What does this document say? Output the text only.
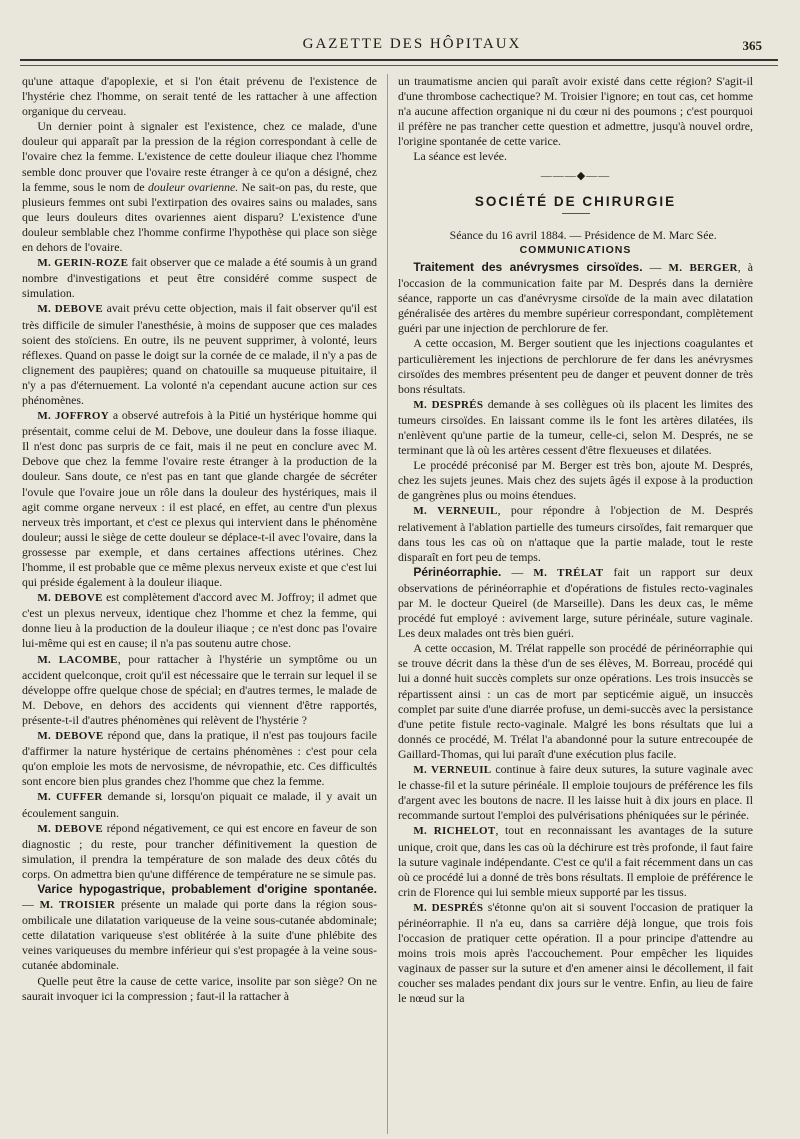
GAZETTE DES HÔPITAUX	365

qu'une attaque d'apoplexie, et si l'on était prévenu de l'existence de l'hystérie chez l'homme, on serait tenté de les rattacher à une affection organique du cerveau.

Un dernier point à signaler est l'existence, chez ce malade, d'une douleur qui apparaît par la pression de la région correspondant à celle de l'ovaire chez la femme. L'existence de cette douleur iliaque chez l'homme semble donc prouver que l'ovaire reste étranger à ce qu'on a désigné, chez la femme, sous le nom de douleur ovarienne. Ne sait-on pas, du reste, que plusieurs femmes ont subi l'extirpation des ovaires sains ou malades, sans que leurs douleurs dites ovariennes aient disparu? L'existence d'une douleur semblable chez l'homme confirme l'hypothèse qui place son siège en dehors de l'ovaire.

M. GERIN-ROZE fait observer que ce malade a été soumis à un grand nombre d'investigations et peut être considéré comme suspect de simulation.

M. DEBOVE avait prévu cette objection, mais il fait observer qu'il est très difficile de simuler l'anesthésie, à moins de supposer que ces malades soient des stoïciens. En outre, ils ne peuvent supprimer, à volonté, leurs réflexes. Quand on passe le doigt sur la cornée de ce malade, il n'y a pas de clignement des paupières; quand on chatouille sa muqueuse pituitaire, il n'y a pas d'éternuement. La volonté n'a cependant aucune action sur ces phénomènes.

M. JOFFROY a observé autrefois à la Pitié un hystérique homme qui présentait, comme celui de M. Debove, une douleur dans la fosse iliaque. Il n'est donc pas surpris de ce fait, mais il ne peut en conclure avec M. Debove que chez la femme l'ovaire reste étranger à la production de la douleur. Sans doute, ce n'est pas en tant que glande chargée de sécréter l'ovule que l'ovaire joue un rôle dans la douleur des hystériques, mais il agit comme organe nerveux : il est placé, en effet, au centre d'un plexus nerveux très important, et c'est ce plexus qui intervient dans le phénomène douleur; aussi le siège de cette douleur se déplace-t-il avec l'ovaire, dans la grossesse par exemple, et dans certaines affections utérines. Chez l'homme, il est probable que ce même plexus nerveux existe et que c'est lui qui préside également à la douleur iliaque.

M. DEBOVE est complètement d'accord avec M. Joffroy; il admet que c'est un plexus nerveux, identique chez l'homme et chez la femme, qui donne lieu à la production de la douleur iliaque ; ce n'est donc pas l'ovaire lui-même qui est en cause; il n'a pas soutenu autre chose.

M. LACOMBE, pour rattacher à l'hystérie un symptôme ou un accident quelconque, croit qu'il est nécessaire que le terrain sur lequel il se développe offre quelque chose de spécial; en d'autres termes, le malade de M. Debove, en dehors des accidents qui viennent d'être rapportés, présente-t-il d'autres phénomènes qui relèvent de l'hystérie ?

M. DEBOVE répond que, dans la pratique, il n'est pas toujours facile d'affirmer la nature hystérique de certains phénomènes : c'est pour cela qu'on emploie les mots de nervosisme, de névropathie, etc. Ces difficultés sont encore bien plus grandes chez l'homme que chez la femme.

M. CUFFER demande si, lorsqu'on piquait ce malade, il y avait un écoulement sanguin.

M. DEBOVE répond négativement, ce qui est encore en faveur de son diagnostic ; du reste, pour trancher définitivement la question de simulation, il prendra la température de son malade des deux côtés du corps. On admettra bien qu'une différence de température ne se simule pas.

Varice hypogastrique, probablement d'origine spontanée. — M. TROISIER présente un malade qui porte dans la région sous-ombilicale une dilatation variqueuse de la veine sous-cutanée abdominale; cette dilatation variqueuse s'est oblitérée à la suite d'une phlébite des veines variqueuses du membre inférieur qui s'est propagée à la veine sous-cutanée abdominale.

Quelle peut être la cause de cette varice, insolite par son siège? On ne saurait invoquer ici la compression ; faut-il la rattacher à

un traumatisme ancien qui paraît avoir existé dans cette région? S'agit-il d'une thrombose cachectique? M. Troisier l'ignore; en tout cas, cet homme n'a aucune affection organique ni du cœur ni des poumons ; c'est pourquoi il préfère ne pas trancher cette question et admettre, jusqu'à nouvel ordre, l'origine spontanée de cette varice.

La séance est levée.

———◆——
SOCIÉTÉ DE CHIRURGIE

Séance du 16 avril 1884. — Présidence de M. Marc Sée.

COMMUNICATIONS

Traitement des anévrysmes cirsoïdes. — M. BERGER, à l'occasion de la communication faite par M. Després dans la dernière séance, rapporte un cas d'anévrysme cirsoïde de la main avec dilatation généralisée des artères du membre supérieur correspondant, complètement guéri par une injection de perchlorure de fer.

A cette occasion, M. Berger soutient que les injections coagulantes et particulièrement les injections de perchlorure de fer dans les anévrysmes cirsoïdes des membres présentent peu de danger et peuvent donner de très bons résultats.

M. DESPRÉS demande à ses collègues où ils placent les limites des tumeurs cirsoïdes. En laissant comme ils le font les artères dilatées, ils n'enlèvent qu'une partie de la tumeur, celle-ci, selon M. Després, ne se terminant que là où les artères cessent d'être flexueuses et dilatées.

Le procédé préconisé par M. Berger est très bon, ajoute M. Després, chez les sujets jeunes. Mais chez des sujets âgés il expose à la production de gangrènes plus ou moins étendues.

M. VERNEUIL, pour répondre à l'objection de M. Després relativement à l'ablation partielle des tumeurs cirsoïdes, fait remarquer que dans tous les cas où on n'attaque que la partie malade, tout le reste disparaît en fort peu de temps.

Périnéorraphie. — M. TRÉLAT fait un rapport sur deux observations de périnéorraphie et d'opérations de fistules recto-vaginales par M. le docteur Queirel (de Marseille). Dans les deux cas, le même procédé fut employé : avivement large, suture périnéale, suture vaginale. Les deux malades ont très bien guéri.

A cette occasion, M. Trélat rappelle son procédé de périnéorraphie qui se trouve décrit dans la thèse d'un de ses élèves, M. Borreau, procédé qui lui a donné huit succès complets sur onze opérations. Les trois insuccès se répartissent ainsi : un cas de mort par septicémie aiguë, un insuccès complet par suite d'une diarrée profuse, un demi-succès avec la persistance d'une petite fistule recto-vaginale. Malgré les bons résultats que lui a donnés ce procédé, M. Trélat l'a abandonné pour la suture entrecoupée de Gaillard-Thomas, qui lui paraît d'une exécution plus facile.

M. VERNEUIL continue à faire deux sutures, la suture vaginale avec le chasse-fil et la suture périnéale. Il emploie toujours de préférence les fils d'argent avec les boutons de nacre. Il les laisse huit à dix jours en place. Il recommande surtout l'emploi des pulvérisations phéniquées sur le périnée.

M. RICHELOT, tout en reconnaissant les avantages de la suture unique, croit que, dans les cas où la déchirure est très profonde, il faut faire la suture vaginale indépendante. C'est ce qu'il a fait récemment dans un cas où ce procédé lui a donné de très bons résultats. Il emploie de préférence le crin de Florence qui lui semble mieux supporté par les tissus.

M. DESPRÉS s'étonne qu'on ait si souvent l'occasion de pratiquer la périnéorraphie. Il n'a eu, dans sa carrière déjà longue, que trois fois l'occasion de pratiquer cette opération. Il a pour principe d'attendre au moins trois mois après l'accouchement. Pour empêcher les liquides vaginaux de passer sur la suture et d'en amener ainsi le décollement, il fait coucher ses malades pendant dix jours sur le ventre. Enfin, au lieu de faire le nœud sur la
